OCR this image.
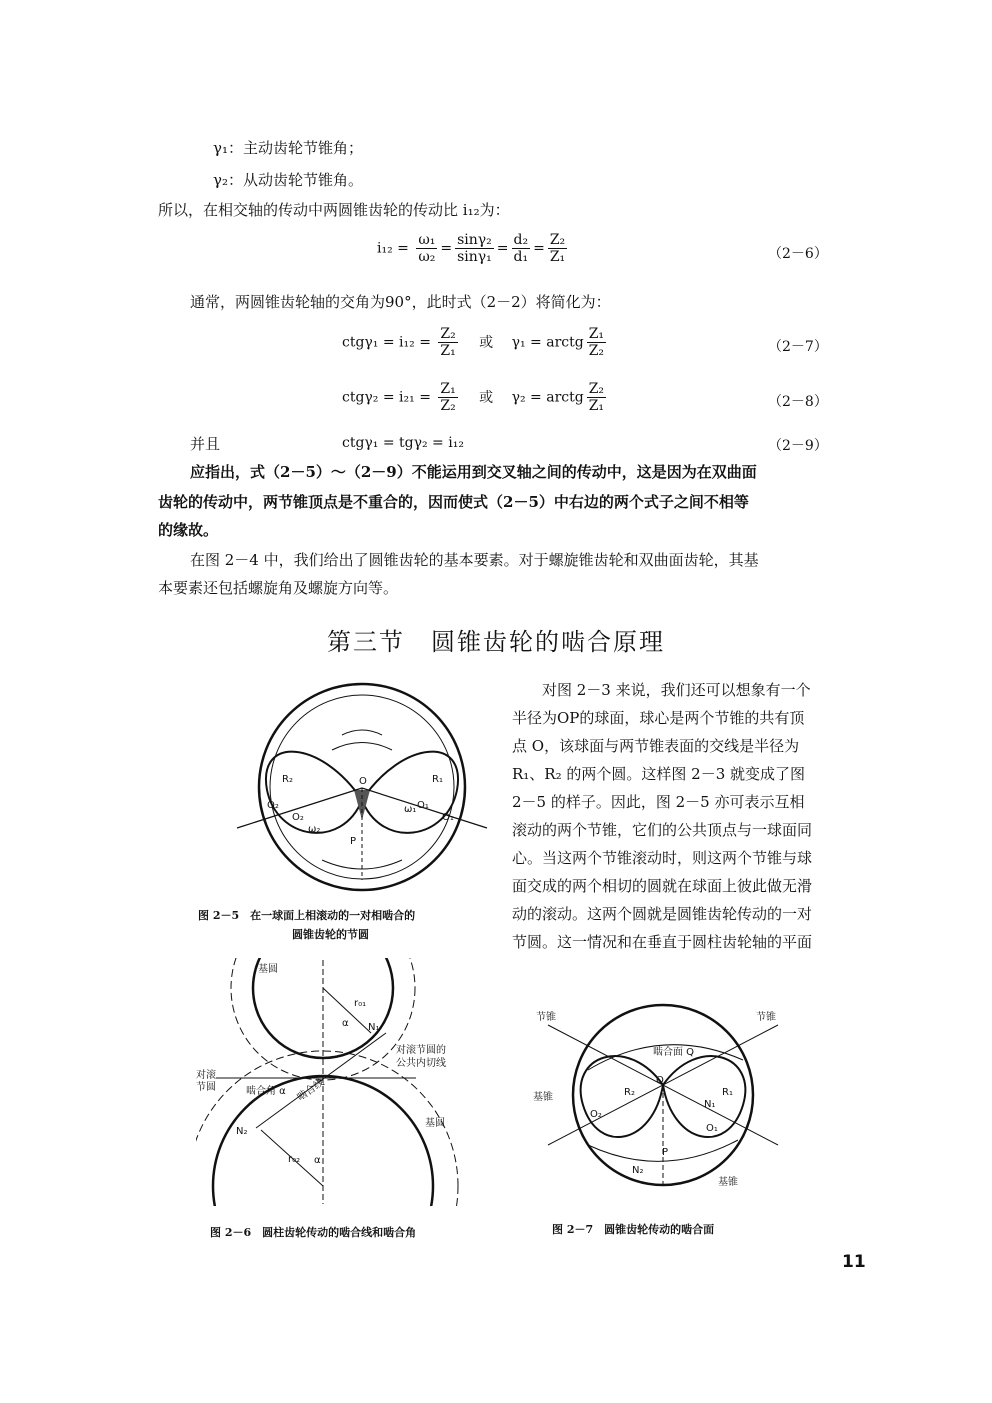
γ₁：主动齿轮节锥角；
γ₂：从动齿轮节锥角。
所以，在相交轴的传动中两圆锥齿轮的传动比 i₁₂为：
$i_{12} = \frac{\text{ω₁}}{\text{ω₂}} = \frac{\text{sinγ₂}}{\text{sinγ₁}} = \frac{\text{d₂}}{\text{d₁}} = \frac{\text{Z₂}}{\text{Z₁}}$	（2－6）
通常，两圆锥齿轮轴的交角为90°，此时式（2－2）将简化为：
$ctg\gamma_1 = i_{12} = \frac{\text{Z₂}}{\text{Z₁}}$ 或 γ₁ = arctg $\frac{\text{Z₁}}{\text{Z₂}}$	（2－7）
$ctg\gamma_2 = i_{21} = \frac{\text{Z₁}}{\text{Z₂}}$ 或 γ₂ = arctg $\frac{\text{Z₂}}{\text{Z₁}}$	（2－8）
并且	ctgγ₁ = tgγ₂ = i₁₂	（2－9）
应指出，式（2－5）～（2－9）不能运用到交叉轴之间的传动中，这是因为在双曲面
齿轮的传动中，两节锥顶点是不重合的，因而使式（2－5）中右边的两个式子之间不相等
的缘故。
在图 2－4 中，我们给出了圆锥齿轮的基本要素。对于螺旋锥齿轮和双曲面齿轮，其基
本要素还包括螺旋角及螺旋方向等。
第三节　圆锥齿轮的啮合原理
对图 2－3 来说，我们还可以想象有一个
半径为OP的球面，球心是两个节锥的共有顶
点 O，该球面与两节锥表面的交线是半径为
R₁、R₂ 的两个圆。这样图 2－3 就变成了图
2－5 的样子。因此，图 2－5 亦可表示互相
滚动的两个节锥，它们的公共顶点与一球面同
心。当这两个节锥滚动时，则这两个节锥与球
面交成的两个相切的圆就在球面上彼此做无滑
动的滚动。这两个圆就是圆锥齿轮传动的一对
节圆。这一情况和在垂直于圆柱齿轮轴的平面
R₂	R₁
O
O₂
O₂
O₁
O₁
ω₂
ω₁
P
图 2－5　在一球面上相滚动的一对相啮合的
圆锥齿轮的节圆
基圆
对滚
节圆
对滚节圆的
公共内切线
啮合角 α 啮合线
基圆
N₁
N₂
r₀₁
r₀₂
α
α
图 2－6　圆柱齿轮传动的啮合线和啮合角
节锥	节锥
啮合面 Q
基锥
基锥
O
R₂	R₁
O₂
O₁
N₁
N₂
P
图 2－7　圆锥齿轮传动的啮合面
11
